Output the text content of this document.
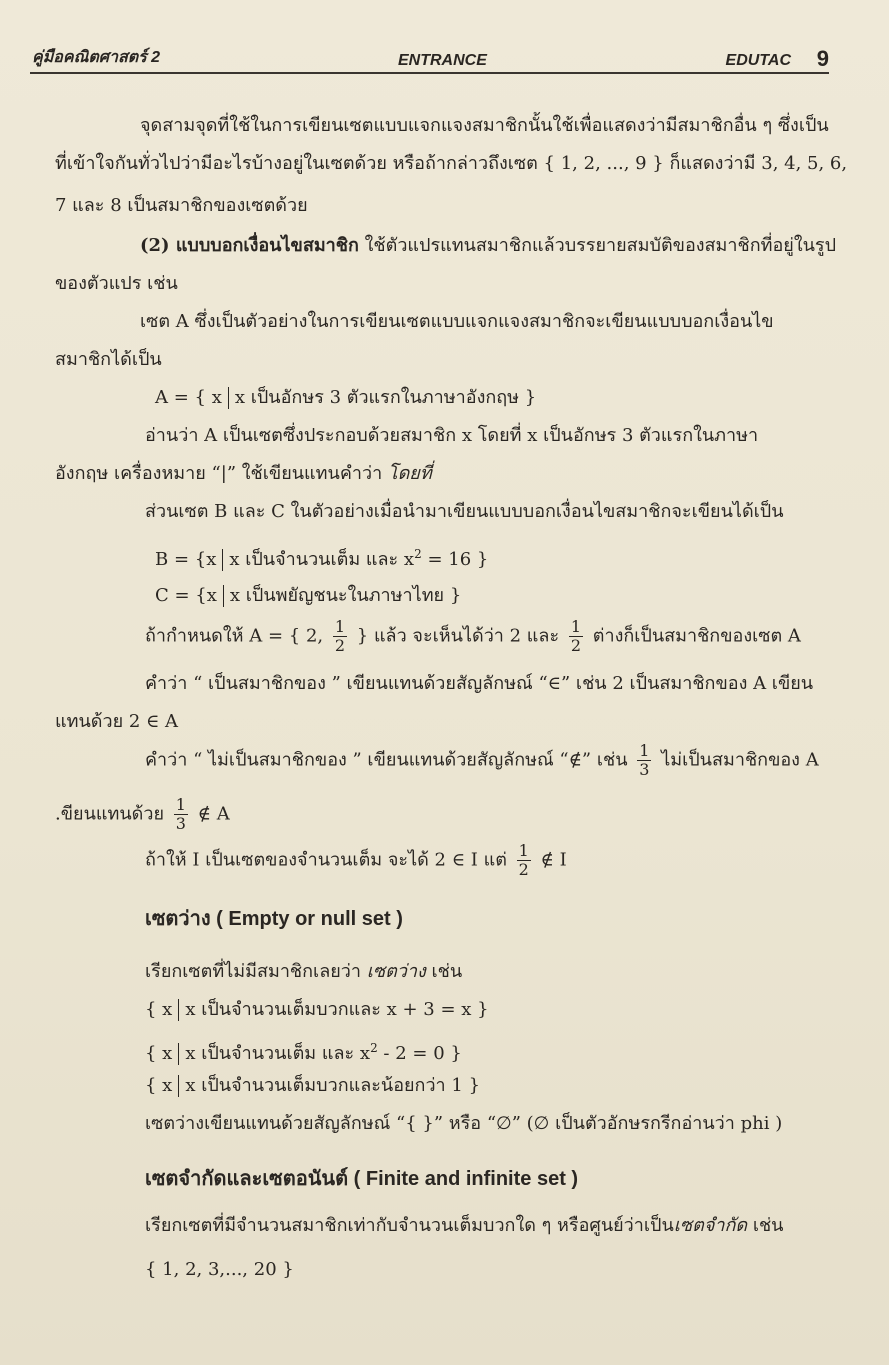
คู่มือคณิตศาสตร์ 2	ENTRANCE	EDUTAC 9
จุดสามจุดที่ใช้ในการเขียนเซตแบบแจกแจงสมาชิกนั้นใช้เพื่อแสดงว่ามีสมาชิกอื่น ๆ ซึ่งเป็น
ที่เข้าใจกันทั่วไปว่ามีอะไรบ้างอยู่ในเซตด้วย หรือถ้ากล่าวถึงเซต { 1, 2, ..., 9 } ก็แสดงว่ามี 3, 4, 5, 6,
7 และ 8 เป็นสมาชิกของเซตด้วย
(2) แบบบอกเงื่อนไขสมาชิก ใช้ตัวแปรแทนสมาชิกแล้วบรรยายสมบัติของสมาชิกที่อยู่ในรูป
ของตัวแปร เช่น
เซต A ซึ่งเป็นตัวอย่างในการเขียนเซตแบบแจกแจงสมาชิกจะเขียนแบบบอกเงื่อนไข
สมาชิกได้เป็น
A = { x x เป็นอักษร 3 ตัวแรกในภาษาอังกฤษ }
อ่านว่า A เป็นเซตซึ่งประกอบด้วยสมาชิก x โดยที่ x เป็นอักษร 3 ตัวแรกในภาษา
อังกฤษ เครื่องหมาย “|” ใช้เขียนแทนคำว่า โดยที่
ส่วนเซต B และ C ในตัวอย่างเมื่อนำมาเขียนแบบบอกเงื่อนไขสมาชิกจะเขียนได้เป็น
B = {x x เป็นจำนวนเต็ม และ $x^2 = 16$ }
C = {x x เป็นพยัญชนะในภาษาไทย }
ถ้ากำหนดให้ A = { 2, $\frac{1}{2}$ } แล้ว จะเห็นได้ว่า 2 และ $\frac{1}{2}$ ต่างก็เป็นสมาชิกของเซต A
คำว่า “ เป็นสมาชิกของ ” เขียนแทนด้วยสัญลักษณ์ “∈” เช่น 2 เป็นสมาชิกของ A เขียน
แทนด้วย 2 ∈ A
คำว่า “ ไม่เป็นสมาชิกของ ” เขียนแทนด้วยสัญลักษณ์ “∉” เช่น $\frac{1}{3}$ ไม่เป็นสมาชิกของ A
.ขียนแทนด้วย $\frac{1}{3}$ ∉ A
ถ้าให้ I เป็นเซตของจำนวนเต็ม จะได้ 2 ∈ I แต่ $\frac{1}{2}$ ∉ I
เซตว่าง ( Empty or null set )
เรียกเซตที่ไม่มีสมาชิกเลยว่า เซตว่าง เช่น
{ x x เป็นจำนวนเต็มบวกและ x + 3 = x }
{ x x เป็นจำนวนเต็ม และ $x^2 - 2 = 0$ }
{ x x เป็นจำนวนเต็มบวกและน้อยกว่า 1 }
เซตว่างเขียนแทนด้วยสัญลักษณ์ “{ }” หรือ “∅” (∅ เป็นตัวอักษรกรีกอ่านว่า phi )
เซตจำกัดและเซตอนันต์ ( Finite and infinite set )
เรียกเซตที่มีจำนวนสมาชิกเท่ากับจำนวนเต็มบวกใด ๆ หรือศูนย์ว่าเป็นเซตจำกัด เช่น
{ 1, 2, 3,..., 20 }
